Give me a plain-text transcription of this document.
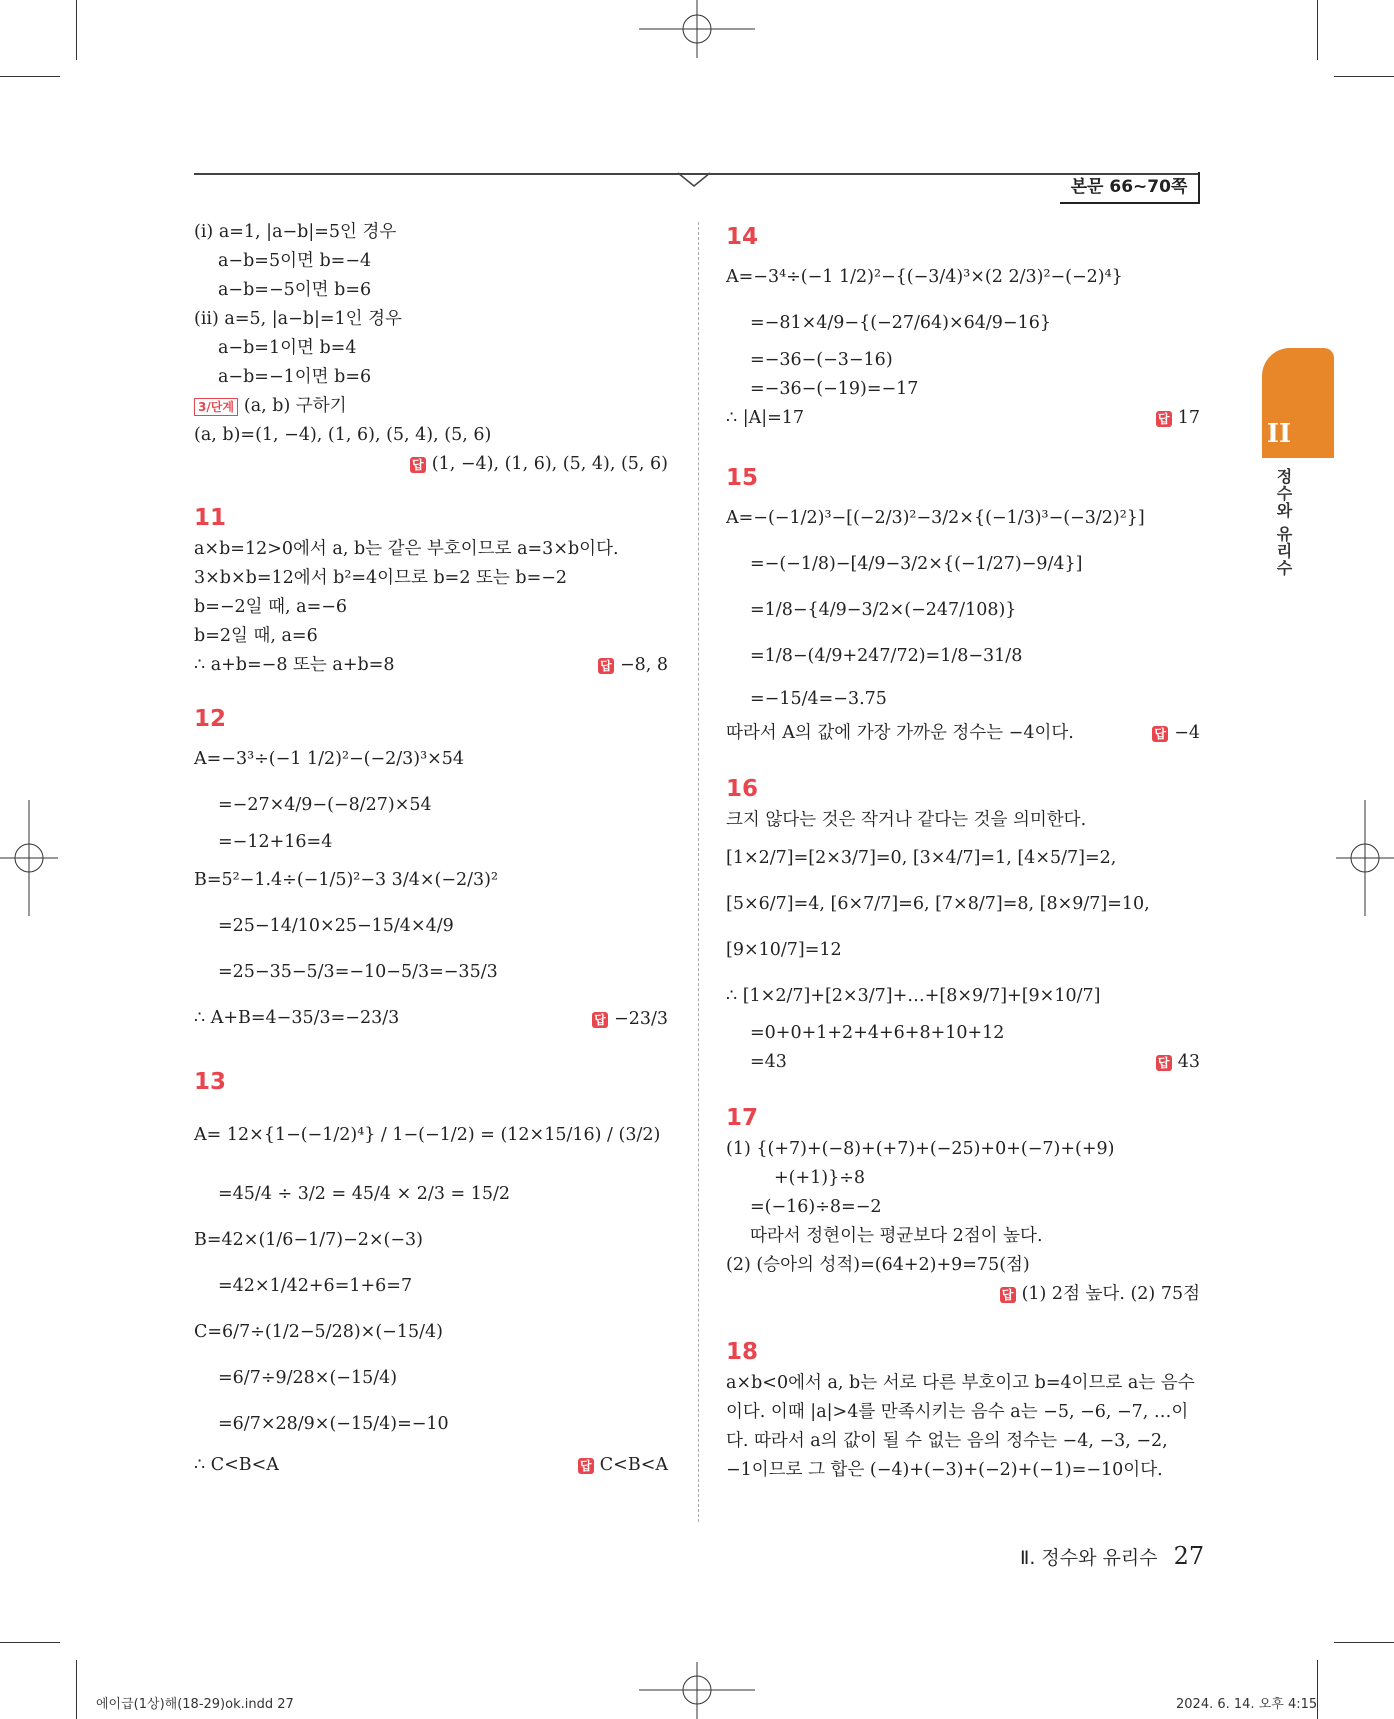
본문 66~70쪽
II
정수와 유리수
(i) a=1, |a−b|=5인 경우
a−b=5이면 b=−4
a−b=−5이면 b=6
(ii) a=5, |a−b|=1인 경우
a−b=1이면 b=4
a−b=−1이면 b=6
3/단계 (a, b) 구하기
(a, b)=(1, −4), (1, 6), (5, 4), (5, 6)
답 (1, −4), (1, 6), (5, 4), (5, 6)
11
a×b=12>0에서 a, b는 같은 부호이므로 a=3×b이다.
3×b×b=12에서 b²=4이므로 b=2 또는 b=−2
b=−2일 때, a=−6
b=2일 때, a=6
∴ a+b=−8 또는 a+b=8	답 −8, 8
12
A=−3³÷(−1 1/2)²−(−2/3)³×54
=−27×4/9−(−8/27)×54
=−12+16=4
B=5²−1.4÷(−1/5)²−3 3/4×(−2/3)²
=25−14/10×25−15/4×4/9
=25−35−5/3=−10−5/3=−35/3
∴ A+B=4−35/3=−23/3	답 −23/3
13
A= 12×{1−(−1/2)⁴} / 1−(−1/2) = (12×15/16) / (3/2)
=45/4 ÷ 3/2 = 45/4 × 2/3 = 15/2
B=42×(1/6−1/7)−2×(−3)
=42×1/42+6=1+6=7
C=6/7÷(1/2−5/28)×(−15/4)
=6/7÷9/28×(−15/4)
=6/7×28/9×(−15/4)=−10
∴ C<B<A	답 C<B<A
14
A=−3⁴÷(−1 1/2)²−{(−3/4)³×(2 2/3)²−(−2)⁴}
=−81×4/9−{(−27/64)×64/9−16}
=−36−(−3−16)
=−36−(−19)=−17
∴ |A|=17	답 17
15
A=−(−1/2)³−[(−2/3)²−3/2×{(−1/3)³−(−3/2)²}]
=−(−1/8)−[4/9−3/2×{(−1/27)−9/4}]
=1/8−{4/9−3/2×(−247/108)}
=1/8−(4/9+247/72)=1/8−31/8
=−15/4=−3.75
따라서 A의 값에 가장 가까운 정수는 −4이다.	답 −4
16
크지 않다는 것은 작거나 같다는 것을 의미한다.
[1×2/7]=[2×3/7]=0, [3×4/7]=1, [4×5/7]=2,
[5×6/7]=4, [6×7/7]=6, [7×8/7]=8, [8×9/7]=10,
[9×10/7]=12
∴ [1×2/7]+[2×3/7]+…+[8×9/7]+[9×10/7]
=0+0+1+2+4+6+8+10+12
=43	답 43
17
(1) {(+7)+(−8)+(+7)+(−25)+0+(−7)+(+9)
+(+1)}÷8
=(−16)÷8=−2
따라서 정현이는 평균보다 2점이 높다.
(2) (승아의 성적)=(64+2)+9=75(점)
답 (1) 2점 높다. (2) 75점
18
a×b<0에서 a, b는 서로 다른 부호이고 b=4이므로 a는 음수
이다. 이때 |a|>4를 만족시키는 음수 a는 −5, −6, −7, …이
다. 따라서 a의 값이 될 수 없는 음의 정수는 −4, −3, −2,
−1이므로 그 합은 (−4)+(−3)+(−2)+(−1)=−10이다.
Ⅱ. 정수와 유리수 27
에이급(1상)해(18-29)ok.indd 27	2024. 6. 14. 오후 4:15
